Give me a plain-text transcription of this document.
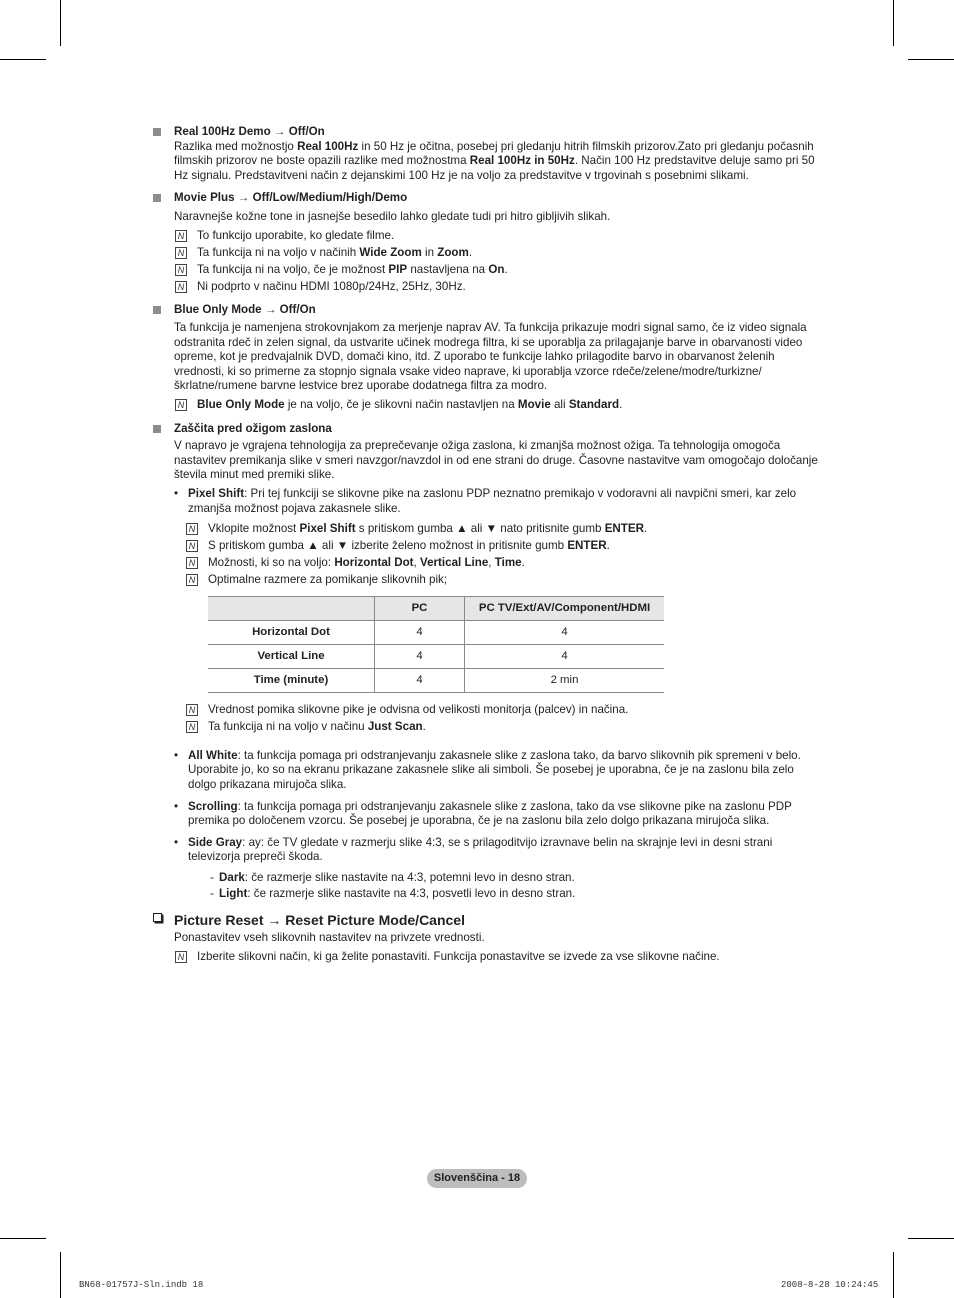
Real 100Hz Demo → Off/On

Razlika med možnostjo Real 100Hz in 50 Hz je očitna, posebej pri gledanju hitrih filmskih prizorov.Zato pri gledanju počasnih filmskih prizorov ne boste opazili razlike med možnostma Real 100Hz in 50Hz. Način 100 Hz predstavitve deluje samo pri 50 Hz signalu. Predstavitveni način z dejanskimi 100 Hz je na voljo za predstavitve v trgovinah s posebnimi slikami.

Movie Plus → Off/Low/Medium/High/Demo

Naravnejše kožne tone in jasnejše besedilo lahko gledate tudi pri hitro gibljivih slikah.

N To funkcijo uporabite, ko gledate filme.
N Ta funkcija ni na voljo v načinih Wide Zoom in Zoom.
N Ta funkcija ni na voljo, če je možnost PIP nastavljena na On.
N Ni podprto v načinu HDMI 1080p/24Hz, 25Hz, 30Hz.
Blue Only Mode → Off/On

Ta funkcija je namenjena strokovnjakom za merjenje naprav AV. Ta funkcija prikazuje modri signal samo, če iz video signala odstranita rdeč in zelen signal, da ustvarite učinek modrega filtra, ki se uporablja za prilagajanje barve in obarvanosti video opreme, kot je predvajalnik DVD, domači kino, itd. Z uporabo te funkcije lahko prilagodite barvo in obarvanost želenih vrednosti, ki so primerne za stopnjo signala vsake video naprave, ki uporablja vzorce rdeče/zelene/modre/turkizne/škrlatne/rumene barvne lestvice brez uporabe dodatnega filtra za modro.

N Blue Only Mode je na voljo, če je slikovni način nastavljen na Movie ali Standard.
Zaščita pred ožigom zaslona

V napravo je vgrajena tehnologija za preprečevanje ožiga zaslona, ki zmanjša možnost ožiga. Ta tehnologija omogoča nastavitev premikanja slike v smeri navzgor/navzdol in od ene strani do druge. Časovne nastavitve vam omogočajo določanje števila minut med premiki slike.

• Pixel Shift: Pri tej funkciji se slikovne pike na zaslonu PDP neznatno premikajo v vodoravni ali navpični smeri, kar zelo zmanjša možnost pojava zakasnele slike.
N Vklopite možnost Pixel Shift s pritiskom gumba ▲ ali ▼ nato pritisnite gumb ENTER.
N S pritiskom gumba ▲ ali ▼ izberite želeno možnost in pritisnite gumb ENTER.
N Možnosti, ki so na voljo: Horizontal Dot, Vertical Line, Time.
N Optimalne razmere za pomikanje slikovnih pik;
	PC	PC TV/Ext/AV/Component/HDMI
Horizontal Dot	4	4
Vertical Line	4	4
Time (minute)	4	2 min
N Vrednost pomika slikovne pike je odvisna od velikosti monitorja (palcev) in načina.
N Ta funkcija ni na voljo v načinu Just Scan.
• All White: ta funkcija pomaga pri odstranjevanju zakasnele slike z zaslona tako, da barvo slikovnih pik spremeni v belo. Uporabite jo, ko so na ekranu prikazane zakasnele slike ali simboli. Še posebej je uporabna, če je na zaslonu bila zelo dolgo prikazana mirujoča slika.
• Scrolling: ta funkcija pomaga pri odstranjevanju zakasnele slike z zaslona, tako da vse slikovne pike na zaslonu PDP premika po določenem vzorcu. Še posebej je uporabna, če je na zaslonu bila zelo dolgo prikazana mirujoča slika.
• Side Gray: ay: če TV gledate v razmerju slike 4:3, se s prilagoditvijo izravnave belin na skrajnje levi in desni strani televizorja prepreči škoda.
- Dark: če razmerje slike nastavite na 4:3, potemni levo in desno stran.
- Light: če razmerje slike nastavite na 4:3, posvetli levo in desno stran.
Picture Reset → Reset Picture Mode/Cancel

Ponastavitev vseh slikovnih nastavitev na privzete vrednosti.

N Izberite slikovni način, ki ga želite ponastaviti. Funkcija ponastavitve se izvede za vse slikovne načine.
Slovenščina - 18
BN68-01757J-Sln.indb 18	2008-8-28 10:24:45
